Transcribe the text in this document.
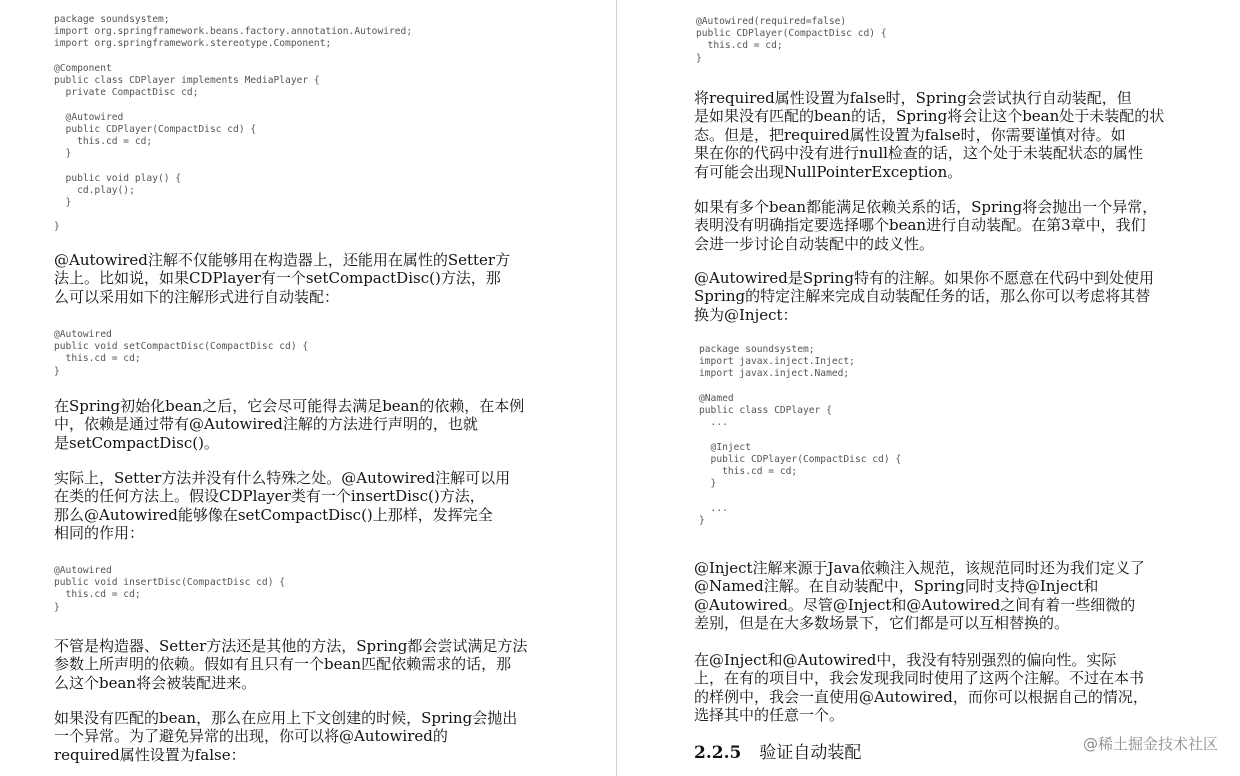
package soundsystem;
import org.springframework.beans.factory.annotation.Autowired;
import org.springframework.stereotype.Component;

@Component
public class CDPlayer implements MediaPlayer {
private CompactDisc cd;

@Autowired
public CDPlayer(CompactDisc cd) {
this.cd = cd;
}

public void play() {
cd.play();
}

}
@Autowired注解不仅能够用在构造器上，还能用在属性的Setter方
法上。比如说，如果CDPlayer有一个setCompactDisc()方法，那
么可以采用如下的注解形式进行自动装配：
@Autowired
public void setCompactDisc(CompactDisc cd) {
this.cd = cd;
}
在Spring初始化bean之后，它会尽可能得去满足bean的依赖，在本例
中，依赖是通过带有@Autowired注解的方法进行声明的，也就
是setCompactDisc()。
实际上，Setter方法并没有什么特殊之处。@Autowired注解可以用
在类的任何方法上。假设CDPlayer类有一个insertDisc()方法，
那么@Autowired能够像在setCompactDisc()上那样，发挥完全
相同的作用：
@Autowired
public void insertDisc(CompactDisc cd) {
this.cd = cd;
}
不管是构造器、Setter方法还是其他的方法，Spring都会尝试满足方法
参数上所声明的依赖。假如有且只有一个bean匹配依赖需求的话，那
么这个bean将会被装配进来。
如果没有匹配的bean，那么在应用上下文创建的时候，Spring会抛出
一个异常。为了避免异常的出现，你可以将@Autowired的
required属性设置为false：
@Autowired(required=false)
public CDPlayer(CompactDisc cd) {
this.cd = cd;
}
将required属性设置为false时，Spring会尝试执行自动装配，但
是如果没有匹配的bean的话，Spring将会让这个bean处于未装配的状
态。但是，把required属性设置为false时，你需要谨慎对待。如
果在你的代码中没有进行null检查的话，这个处于未装配状态的属性
有可能会出现NullPointerException。
如果有多个bean都能满足依赖关系的话，Spring将会抛出一个异常，
表明没有明确指定要选择哪个bean进行自动装配。在第3章中，我们
会进一步讨论自动装配中的歧义性。
@Autowired是Spring特有的注解。如果你不愿意在代码中到处使用
Spring的特定注解来完成自动装配任务的话，那么你可以考虑将其替
换为@Inject：
package soundsystem;
import javax.inject.Inject;
import javax.inject.Named;

@Named
public class CDPlayer {
...

@Inject
public CDPlayer(CompactDisc cd) {
this.cd = cd;
}

...
}
@Inject注解来源于Java依赖注入规范，该规范同时还为我们定义了
@Named注解。在自动装配中，Spring同时支持@Inject和
@Autowired。尽管@Inject和@Autowired之间有着一些细微的
差别，但是在大多数场景下，它们都是可以互相替换的。
在@Inject和@Autowired中，我没有特别强烈的偏向性。实际
上，在有的项目中，我会发现我同时使用了这两个注解。不过在本书
的样例中，我会一直使用@Autowired，而你可以根据自己的情况，
选择其中的任意一个。
2.2.5 验证自动装配	@稀土掘金技术社区
